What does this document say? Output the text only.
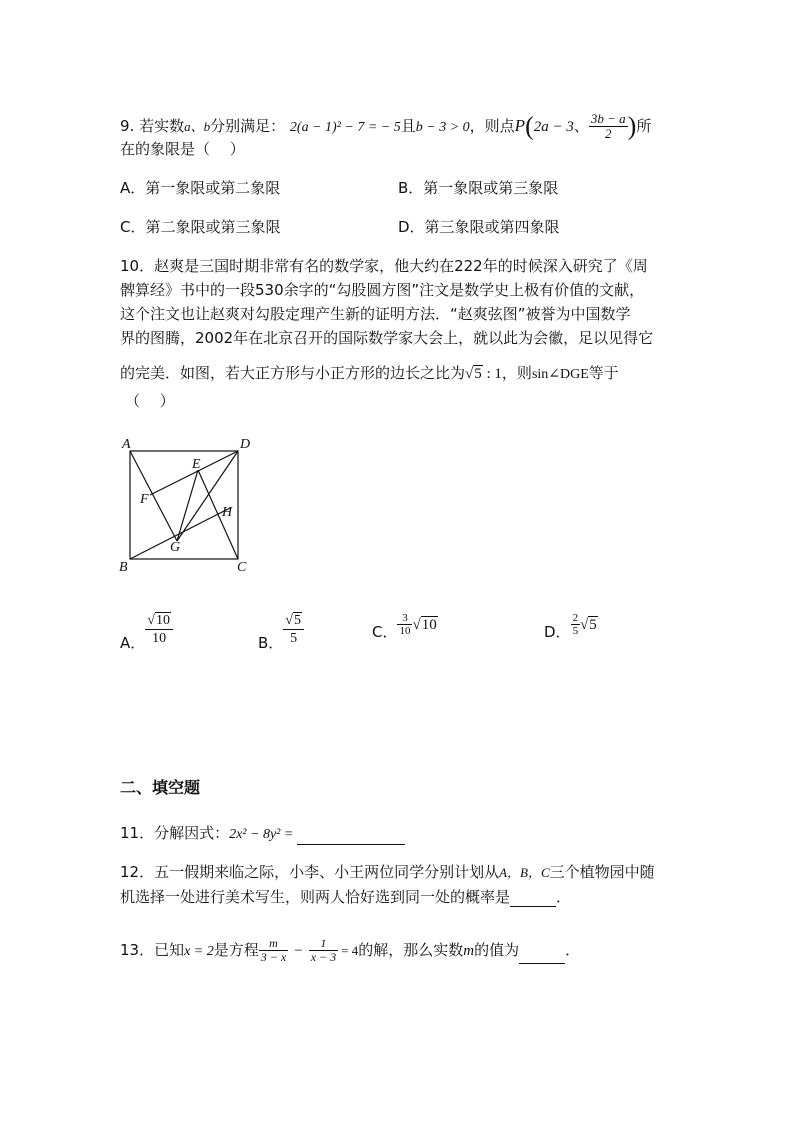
9. 若实数a、b分别满足： 2(a − 1)² − 7 = − 5且b − 3 > 0，则点P(2a − 3、 $\frac{3b - a}{2}$ )所
在的象限是（　 ）
A．第一象限或第二象限	B．第一象限或第三象限
C．第二象限或第三象限	D．第三象限或第四象限
10．赵爽是三国时期非常有名的数学家，他大约在222年的时候深入研究了《周
髀算经》书中的一段530余字的“勾股圆方图”注文是数学史上极有价值的文献，
这个注文也让赵爽对勾股定理产生新的证明方法．“赵爽弦图”被誉为中国数学
界的图腾，2002年在北京召开的国际数学家大会上，就以此为会徽，足以见得它
的完美．如图，若大正方形与小正方形的边长之比为√5 : 1，则sin∠DGE等于
（　 ）
A	D
E
F
H
G
B	C
A． $\frac{√10}{10}$	B． $\frac{√5}{5}$	C． $\frac{3}{10} √10$	D． $\frac{2}{5} √5$
二、填空题
11．分解因式：2x² − 8y² =
12．五一假期来临之际，小李、小王两位同学分别计划从A，B，C三个植物园中随
机选择一处进行美术写生，则两人恰好选到同一处的概率是	．
13．已知x = 2是方程 $\frac{m}{3 - x} - \frac{1}{x - 3} = 4$的解，那么实数m的值为	．
